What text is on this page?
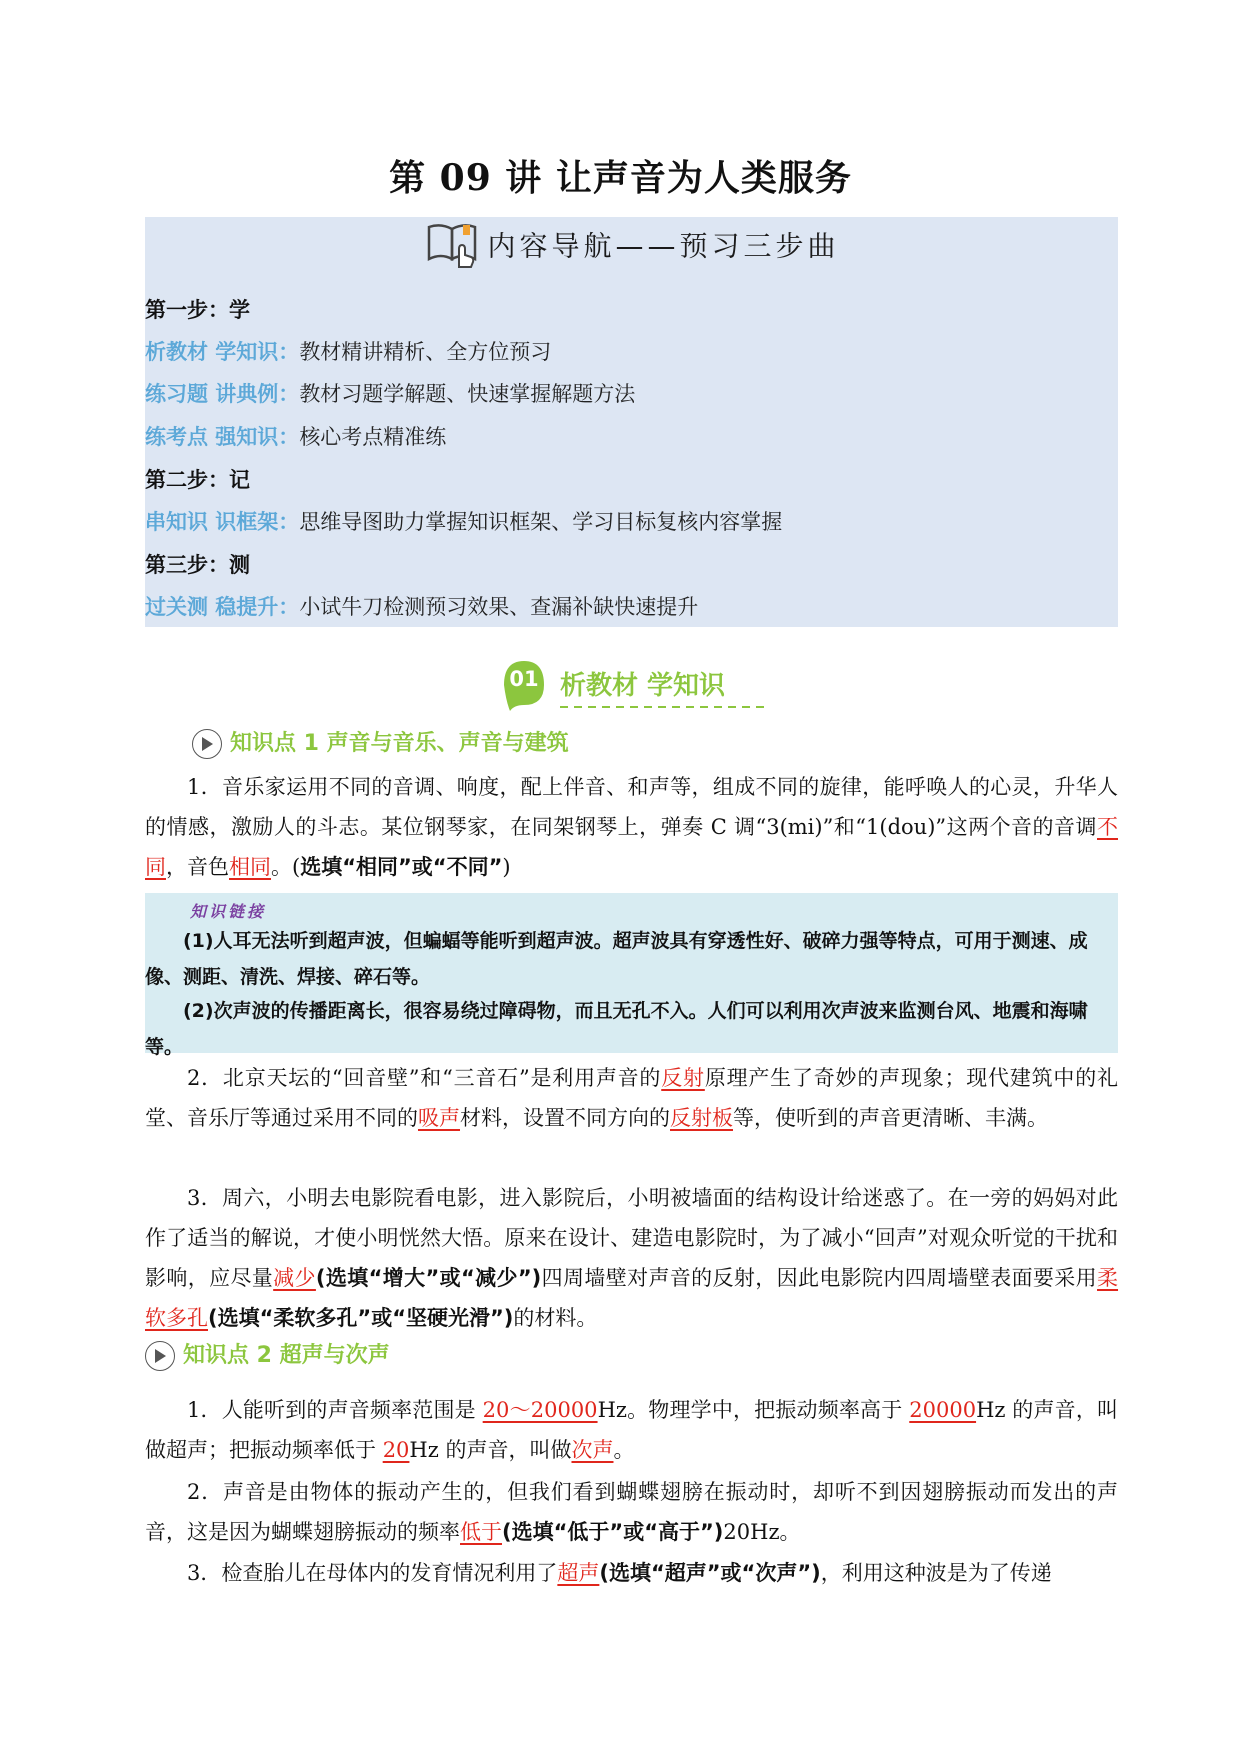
第 09 讲 让声音为人类服务
内容导航——预习三步曲
第一步：学
析教材 学知识：教材精讲精析、全方位预习
练习题 讲典例：教材习题学解题、快速掌握解题方法
练考点 强知识：核心考点精准练
第二步：记
串知识 识框架：思维导图助力掌握知识框架、学习目标复核内容掌握
第三步：测
过关测 稳提升：小试牛刀检测预习效果、查漏补缺快速提升
01 析教材 学知识
知识点 1 声音与音乐、声音与建筑
1．音乐家运用不同的音调、响度，配上伴音、和声等，组成不同的旋律，能呼唤人的心灵，升华人的情感，激励人的斗志。某位钢琴家，在同架钢琴上，弹奏 C 调“3(mi)”和“1(dou)”这两个音的音调不同，音色相同。(选填“相同”或“不同”)
知识链接
(1)人耳无法听到超声波，但蝙蝠等能听到超声波。超声波具有穿透性好、破碎力强等特点，可用于测速、成像、测距、清洗、焊接、碎石等。
(2)次声波的传播距离长，很容易绕过障碍物，而且无孔不入。人们可以利用次声波来监测台风、地震和海啸等。
2．北京天坛的“回音壁”和“三音石”是利用声音的反射原理产生了奇妙的声现象；现代建筑中的礼堂、音乐厅等通过采用不同的吸声材料，设置不同方向的反射板等，使听到的声音更清晰、丰满。
3．周六，小明去电影院看电影，进入影院后，小明被墙面的结构设计给迷惑了。在一旁的妈妈对此作了适当的解说，才使小明恍然大悟。原来在设计、建造电影院时，为了减小“回声”对观众听觉的干扰和影响，应尽量减少(选填“增大”或“减少”)四周墙壁对声音的反射，因此电影院内四周墙壁表面要采用柔软多孔(选填“柔软多孔”或“坚硬光滑”)的材料。
知识点 2 超声与次声
1．人能听到的声音频率范围是 20～20000Hz。物理学中，把振动频率高于 20000Hz 的声音，叫做超声；把振动频率低于 20Hz 的声音，叫做次声。
2．声音是由物体的振动产生的，但我们看到蝴蝶翅膀在振动时，却听不到因翅膀振动而发出的声音，这是因为蝴蝶翅膀振动的频率低于(选填“低于”或“高于”)20Hz。
3．检查胎儿在母体内的发育情况利用了超声(选填“超声”或“次声”)，利用这种波是为了传递
